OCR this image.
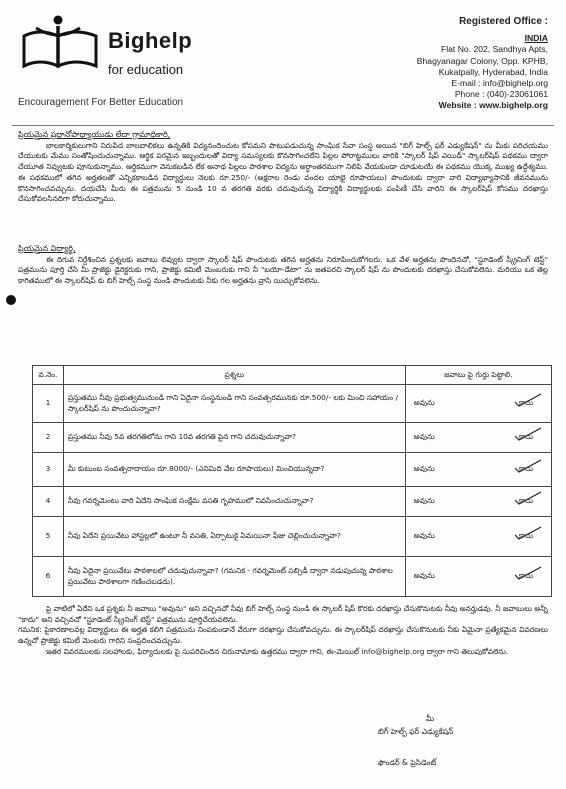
Bighelp
for education
Encouragement For Better Education
Registered Office :
INDIA
Flat No. 202, Sandhya Apts,
Bhagyanagar Colony, Opp. KPHB,
Kukatpally, Hyderabad, India
E-mail : info@bighelp.org
Phone : (040)-23061061
Website : www.bighelp.org

ప్రియమైన ప్రధానోపాధ్యాయుడు లేదా గ్రామాధికారి,

బాలకార్మికులుగాని నిరుపేద బాలబాలికలు ఉన్నతికి విద్యనందించుట కోసమని పాటుపడుచున్న సాంఘిక సేవా సంస్థ అయిన "బిగ్ హెల్ప్ ఫర్ ఎడ్యుకేషన్" ను మీకు పరిచయము చేయుటకు మేము సంతోషించుచున్నాము. ఆర్థిక పరమైన ఇబ్బందులతో విద్యా సమస్యలకు కొనసాగించలేని పిల్లల పోరాట్టములు వారికి "స్కాలర్ షిప్ ఎయిడ్" స్కాలర్‌షిప్ పథకము ద్వారా చేయూత నివ్వుటకు పూనుకున్నాము. ఆర్థికముగా వెనుకబడిన లేక అనాథ పిల్లలు పాఠశాల విద్యను అర్ధాంతరముగా నిలిపి వేయకుండా చూడుటయే ఈ పథకము యొక్క ముఖ్య ఉద్దేశ్యము. ఈ పథకములో తగిన అర్హతలతో ఎన్నికకాబడిన విద్యార్థులు నెలకు రూ.250/- (అక్షరాల రెండు వందల యాభై రూపాయలు) పొందుటకు ద్వారా వారి విద్యాభ్యాసానికి జీవనమును కొనసాగించవచ్చును. దయచేసి మీరు ఈ పత్రమును 5 నుండి 10 వ తరగతి వరకు చదువుచున్న విద్యార్థికి విద్యార్థులకు పంపిణీ చేసి వారిని ఈ స్కాలర్‌షిప్ కోసము దరఖాస్తు చేసుకోవలసినదిగా కోరుచున్నాము.

ప్రియమైన విద్యార్థి,

ఈ దిగువ నిర్దేశించిన ప్రశ్నలకు జవాబు లివ్వుట ద్వారా స్కాలర్ షిప్ పొందుటకు తగిన అర్హతను నిరూపించుకోగలరు. ఒక వేళ అర్హతను పొందినచో, "స్టూడెంట్ స్క్రీనింగ్ టెస్ట్" పత్రమును పూర్తి చేసి మీ ప్రాజెక్టు డైరెక్టరుకు గాని, ప్రాజెక్టు కమిటీ మెంబరుకు గాని నీ "బయో-డేటా" ను జతపరచి స్కాలర్ షిప్ ను పొందుటకు దరఖాస్తు చేసుకోవలెను. మరియు ఒక తెల్ల కాగితములో ఈ స్కాలర్‌షిప్ కు బిగ్ హెల్ప్ సంస్థ నుండి పొందుటకు నీకు గల అర్హతను వ్రాసి యిచ్చుకోవలెను.

వ.నెం.	ప్రశ్నలు	జవాబు పై గుర్తు పెట్టాలి.
1	ప్రస్తుతము నీవు ప్రభుత్వమునుండి గాని ఏదైనా సంస్థనుండి గాని సంవత్సరమునకు రూ.500/- లకు మించి సహాయం / స్కాలర్‌షిప్ ను పొందుచున్నావా?	అవును కాదు

2	ప్రస్తుతము నీవు 5వ తరగతిలోను గాని 10వ తరగతి పైన గాని చదువుచున్నావా?	అవును కాదు

3	మీ కుటుంబ సంవత్సరాదాయం రూ.8000/- (ఎనిమిది వేల రూపాయలు) మించియున్నదా?	అవును కాదు

4	నీవు గవర్నమెంటు వారి ఏదేని సాంఘిక సంక్షేమ వసతి గృహములో నివసించుచున్నావా?	అవును కాదు

5	నీవు ఏదేని ప్రయివేటు హాస్టల్లలో ఉంటూ నీ వసతి, ఏర్పాటుకై ఏమయినా ఫీజు చెల్లించుచున్నావా?	అవును కాదు

6	నీవు ఏదైనా ప్రయివేటు పాఠశాలలో చదువుచున్నావా? (గమనిక - గవర్నమెంట్ సబ్సిడీ ద్వారా నడుపుచున్న పాఠశాల ప్రయివేటు పాఠశాలగా గణించబడదు).	అవును కాదు

పై వాటిలో ఏదేని ఒక ప్రశ్నకు నీ జవాబు "అవును" అని వచ్చినచో నీవు బిగ్ హెల్ప్ సంస్థ నుండి ఈ స్కాలర్ షిప్ కొరకు దరఖాస్తు చేసుకొనుటకు నీవు అనర్హుడవు. నీ జవాబులు అన్నీ "కాదు" అని వచ్చినచో "స్టూడెంట్ స్క్రీనింగ్ టెస్ట్" పత్రమును పూర్తిచేయవలెను.

గమనిక: పైకారణాలవల్ల విద్యార్థులు ఈ అర్హత కలిగి పత్రమును నింపకుండానే వేరుగా దరఖాస్తు చేసుకోవచ్చును. ఈ స్కాలర్‌షిప్ దరఖాస్తు చేసుకొనుటకు నీకు ఏమైనా ప్రత్యేకమైన వివరణలు ఉన్నచో ప్రాజెక్టు కమిటీ మెంబరు గారిని సంప్రదించవచ్చును.

ఇతర వివరములకు సలహాలకు, ఫిర్యాదులకు పై సుపరిచిందిన చిరునామాకు ఉత్తరము ద్వారా గాని, ఈ-మెయిల్ info@bighelp.org ద్వారా గాని తెలుపుకోవలెను.

మీ
బిగ్ హెల్ప్ ఫర్ ఎడ్యుకేషన్
ఫౌండర్ & ప్రెసిడెంట్
